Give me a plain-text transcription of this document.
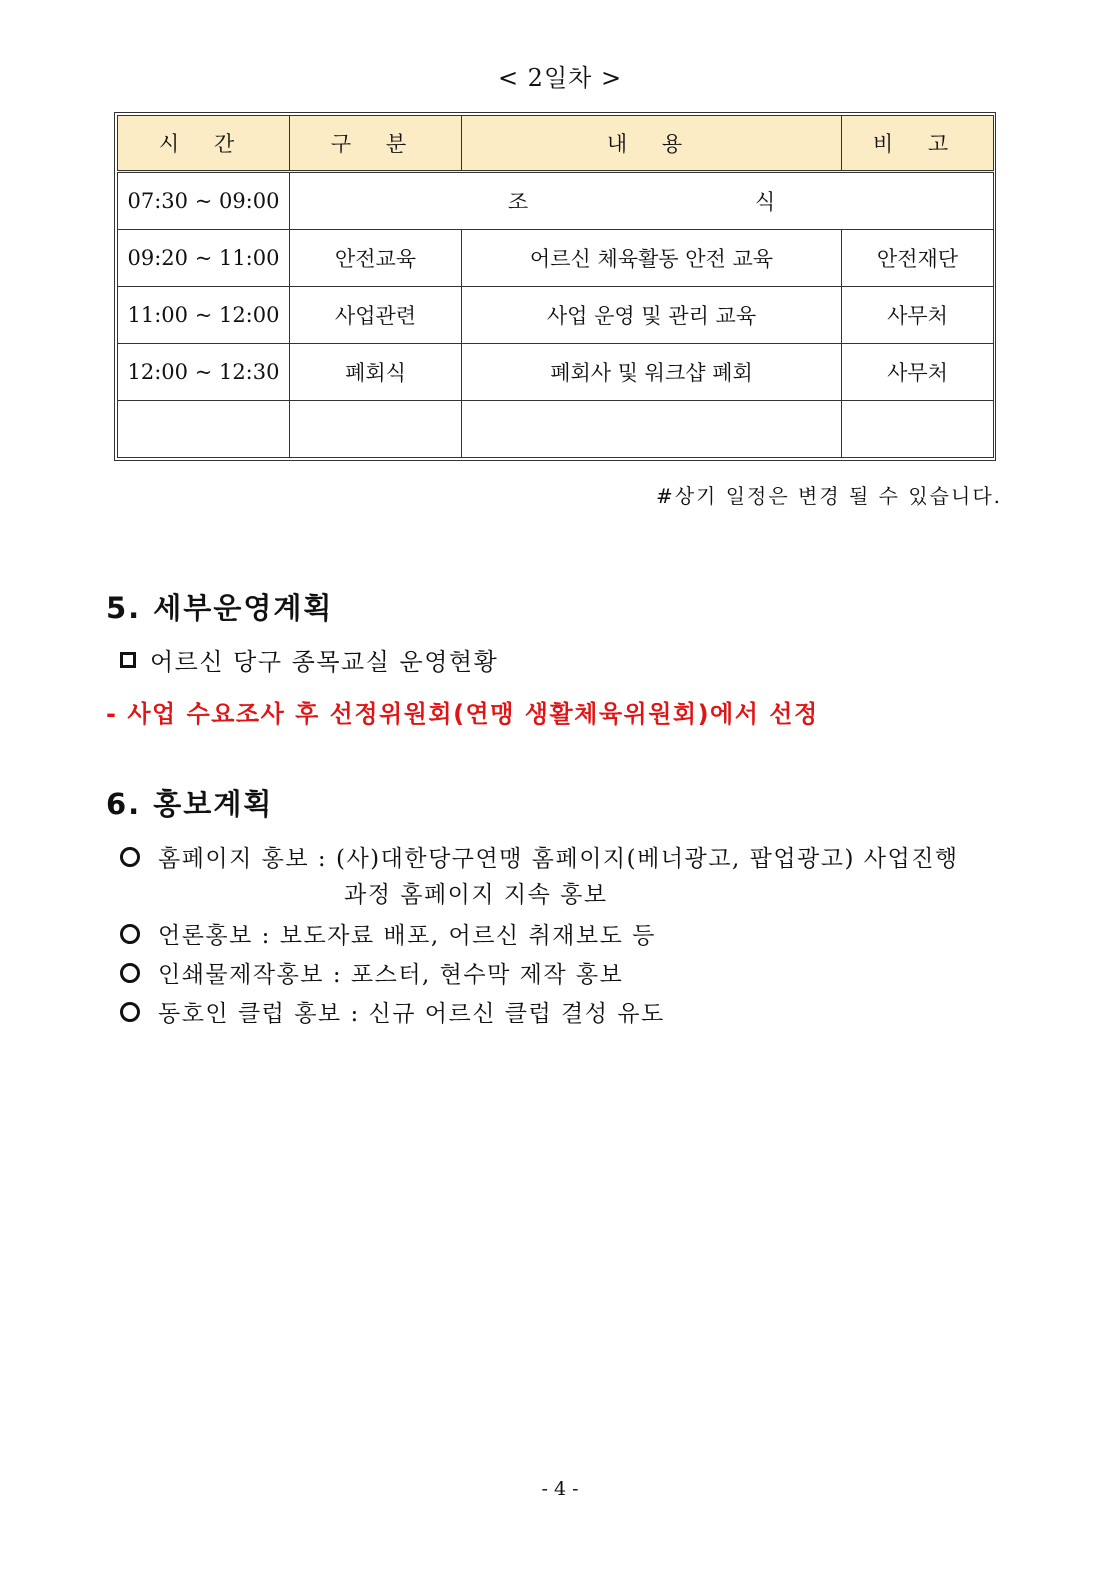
< 2일차 >
시 간	구 분	내 용	비 고
07:30 ~ 09:00	조 식		
09:20 ~ 11:00	안전교육	어르신 체육활동 안전 교육	안전재단
11:00 ~ 12:00	사업관련	사업 운영 및 관리 교육	사무처
12:00 ~ 12:30	폐회식	폐회사 및 워크샵 폐회	사무처

#상기 일정은 변경 될 수 있습니다.
5. 세부운영계획
어르신 당구 종목교실 운영현황
- 사업 수요조사 후 선정위원회(연맹 생활체육위원회)에서 선정
6. 홍보계획
홈페이지 홍보 : (사)대한당구연맹 홈페이지(베너광고, 팝업광고) 사업진행
과정 홈페이지 지속 홍보
언론홍보 : 보도자료 배포, 어르신 취재보도 등
인쇄물제작홍보 : 포스터, 현수막 제작 홍보
동호인 클럽 홍보 : 신규 어르신 클럽 결성 유도
- 4 -
